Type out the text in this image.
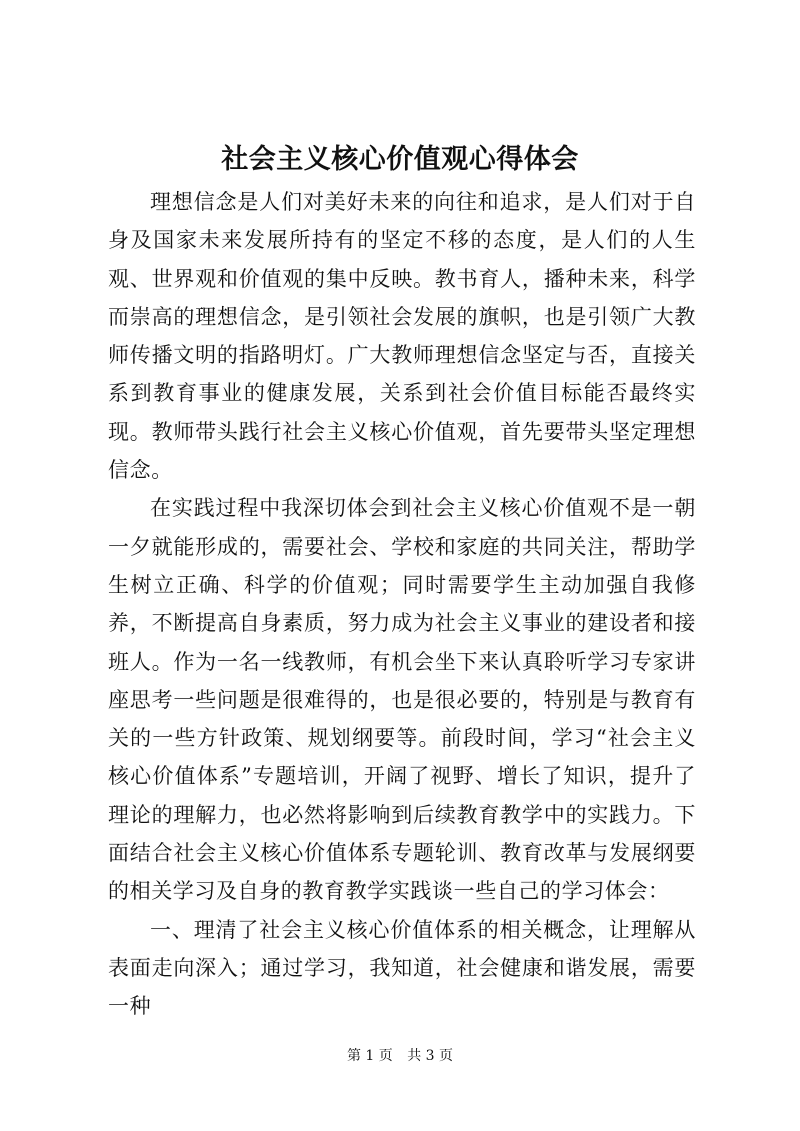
社会主义核心价值观心得体会

理想信念是人们对美好未来的向往和追求，是人们对于自身及国家未来发展所持有的坚定不移的态度，是人们的人生观、世界观和价值观的集中反映。教书育人，播种未来，科学而崇高的理想信念，是引领社会发展的旗帜，也是引领广大教师传播文明的指路明灯。广大教师理想信念坚定与否，直接关系到教育事业的健康发展，关系到社会价值目标能否最终实现。教师带头践行社会主义核心价值观，首先要带头坚定理想信念。

在实践过程中我深切体会到社会主义核心价值观不是一朝一夕就能形成的，需要社会、学校和家庭的共同关注，帮助学生树立正确、科学的价值观；同时需要学生主动加强自我修养，不断提高自身素质，努力成为社会主义事业的建设者和接班人。作为一名一线教师，有机会坐下来认真聆听学习专家讲座思考一些问题是很难得的，也是很必要的，特别是与教育有关的一些方针政策、规划纲要等。前段时间，学习“社会主义核心价值体系”专题培训，开阔了视野、增长了知识，提升了理论的理解力，也必然将影响到后续教育教学中的实践力。下面结合社会主义核心价值体系专题轮训、教育改革与发展纲要的相关学习及自身的教育教学实践谈一些自己的学习体会：

一、理清了社会主义核心价值体系的相关概念，让理解从表面走向深入；通过学习，我知道，社会健康和谐发展，需要一种

第 1 页 共 3 页
